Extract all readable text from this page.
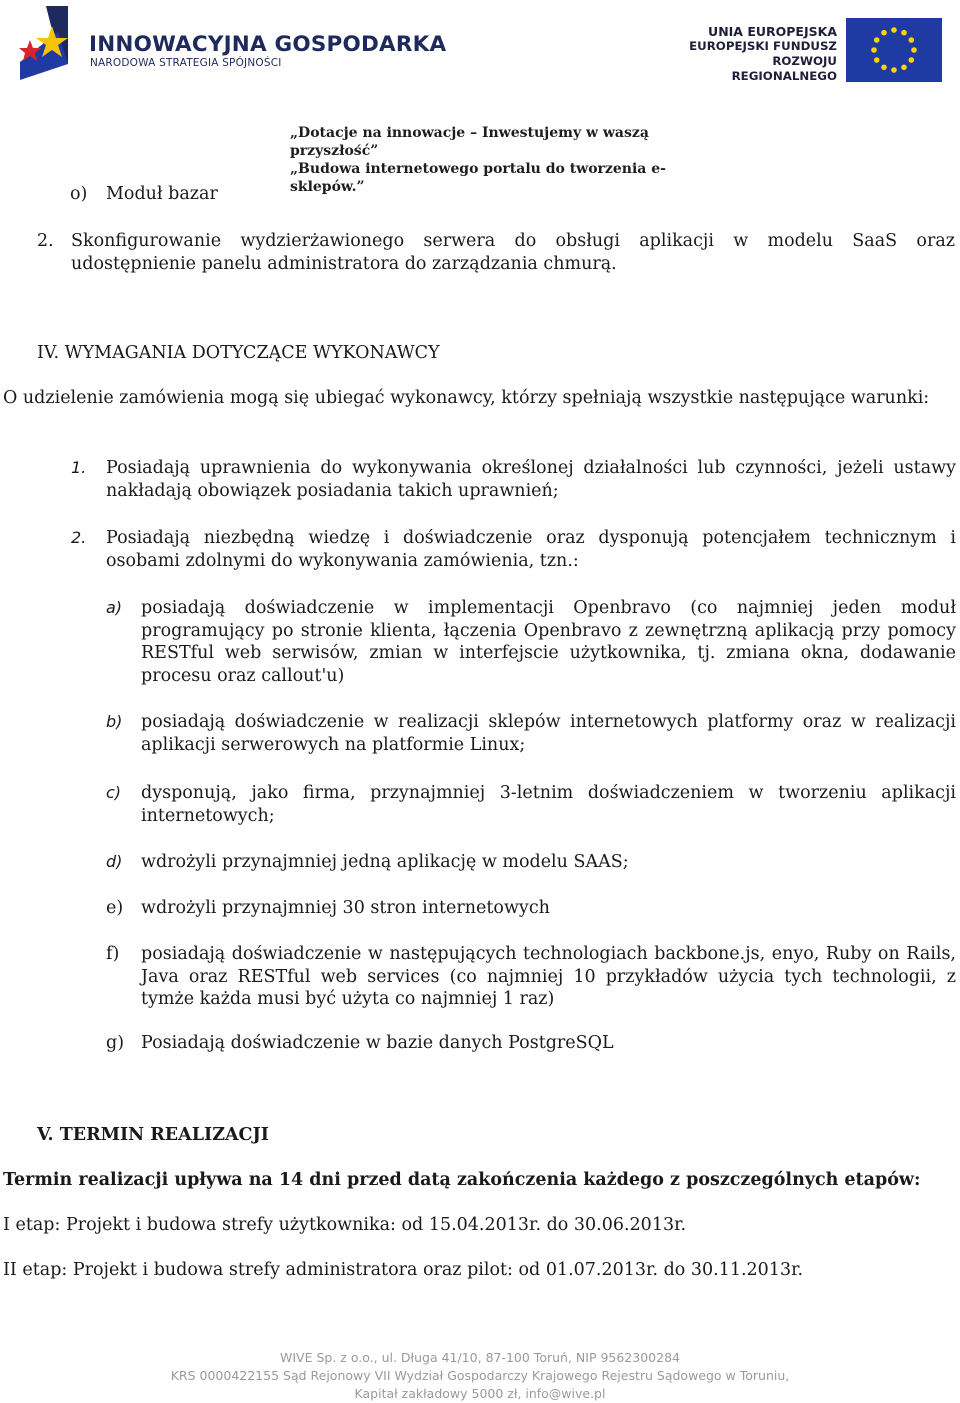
INNOWACYJNA GOSPODARKA
NARODOWA STRATEGIA SPÓJNOŚCI
UNIA EUROPEJSKA
EUROPEJSKI FUNDUSZ
ROZWOJU REGIONALNEGO
„Dotacje na innowacje – Inwestujemy w waszą przyszłość”
„Budowa internetowego portalu do tworzenia e-sklepów.”
o) Moduł bazar
2. Skonfigurowanie wydzierżawionego serwera do obsługi aplikacji w modelu SaaS oraz udostępnienie panelu administratora do zarządzania chmurą.
IV. WYMAGANIA DOTYCZĄCE WYKONAWCY
O udzielenie zamówienia mogą się ubiegać wykonawcy, którzy spełniają wszystkie następujące warunki:
1. Posiadają uprawnienia do wykonywania określonej działalności lub czynności, jeżeli ustawy nakładają obowiązek posiadania takich uprawnień;
2. Posiadają niezbędną wiedzę i doświadczenie oraz dysponują potencjałem technicznym i osobami zdolnymi do wykonywania zamówienia, tzn.:
a) posiadają doświadczenie w implementacji Openbravo (co najmniej jeden moduł programujący po stronie klienta, łączenia Openbravo z zewnętrzną aplikacją przy pomocy RESTful web serwisów, zmian w interfejscie użytkownika, tj. zmiana okna, dodawanie procesu oraz callout'u)
b) posiadają doświadczenie w realizacji sklepów internetowych platformy oraz w realizacji aplikacji serwerowych na platformie Linux;
c) dysponują, jako firma, przynajmniej 3-letnim doświadczeniem w tworzeniu aplikacji internetowych;
d) wdrożyli przynajmniej jedną aplikację w modelu SAAS;
e) wdrożyli przynajmniej 30 stron internetowych
f) posiadają doświadczenie w następujących technologiach backbone.js, enyo, Ruby on Rails, Java oraz RESTful web services (co najmniej 10 przykładów użycia tych technologii, z tymże każda musi być użyta co najmniej 1 raz)
g) Posiadają doświadczenie w bazie danych PostgreSQL
V. TERMIN REALIZACJI
Termin realizacji upływa na 14 dni przed datą zakończenia każdego z poszczególnych etapów:
I etap: Projekt i budowa strefy użytkownika: od 15.04.2013r. do 30.06.2013r.
II etap: Projekt i budowa strefy administratora oraz pilot: od 01.07.2013r. do 30.11.2013r.
WIVE Sp. z o.o., ul. Długa 41/10, 87-100 Toruń, NIP 9562300284
KRS 0000422155 Sąd Rejonowy VII Wydział Gospodarczy Krajowego Rejestru Sądowego w Toruniu,
Kapitał zakładowy 5000 zł, info@wive.pl
